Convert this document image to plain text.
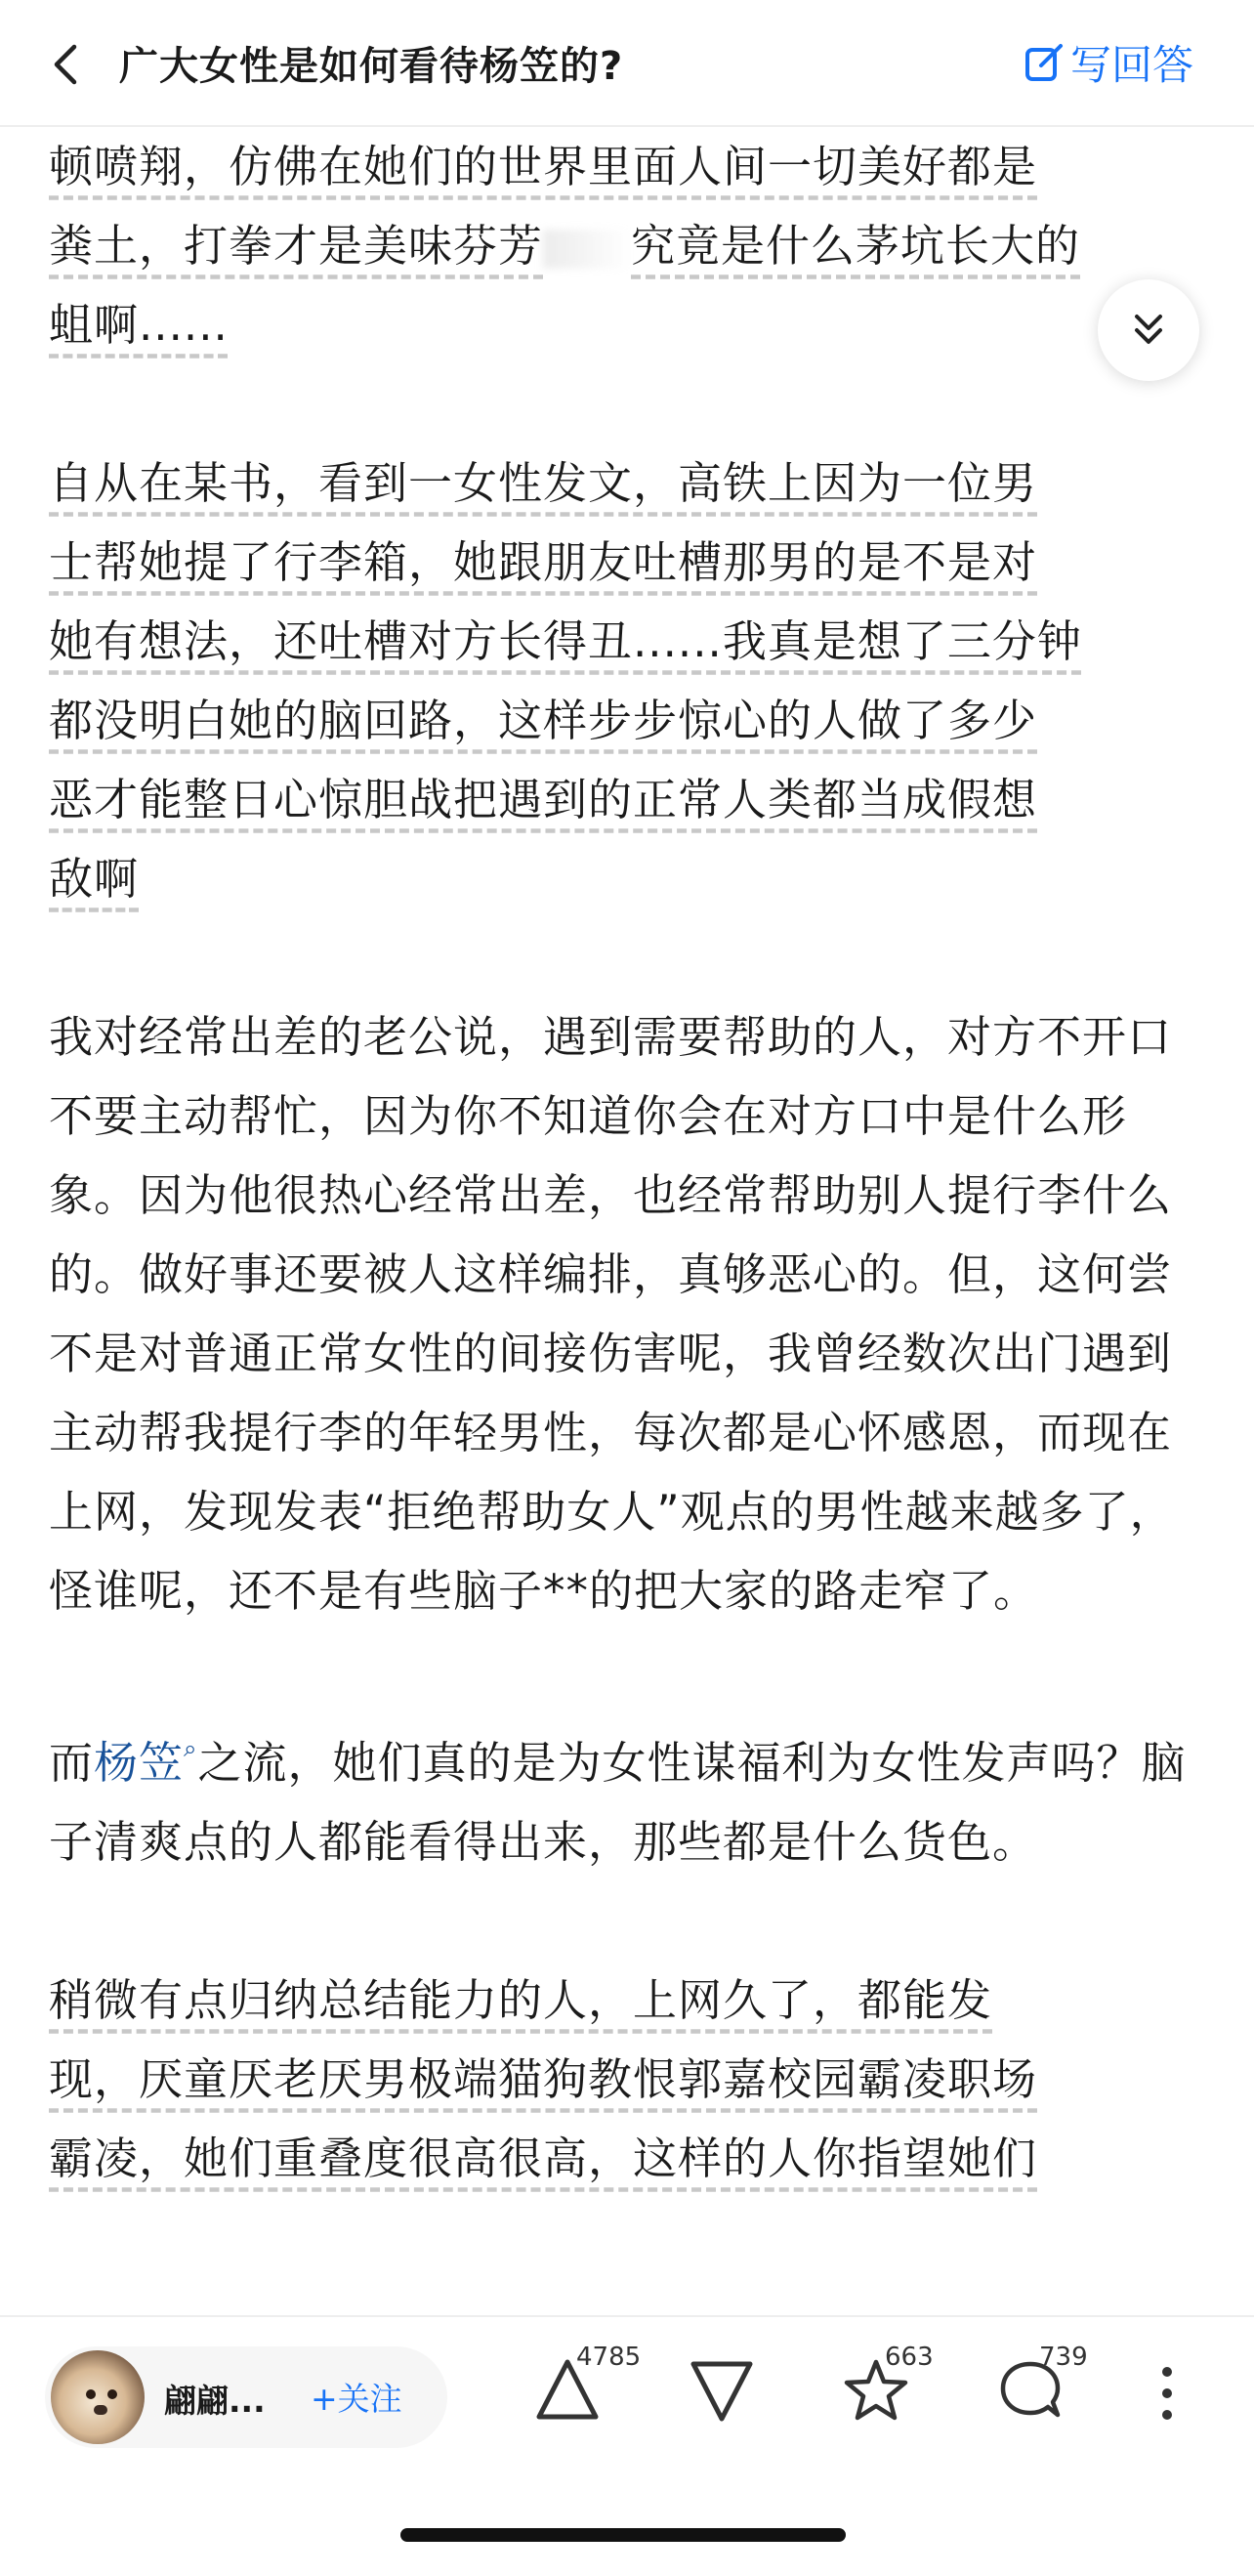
广大女性是如何看待杨笠的?	写回答
顿喷翔，仿佛在她们的世界里面人间一切美好都是
粪土，打拳才是美味芬芳 究竟是什么茅坑长大的
蛆啊......
自从在某书，看到一女性发文，高铁上因为一位男
士帮她提了行李箱，她跟朋友吐槽那男的是不是对
她有想法，还吐槽对方长得丑......我真是想了三分钟
都没明白她的脑回路，这样步步惊心的人做了多少
恶才能整日心惊胆战把遇到的正常人类都当成假想
敌啊
我对经常出差的老公说，遇到需要帮助的人，对方不开口不要主动帮忙，因为你不知道你会在对方口中是什么形象。因为他很热心经常出差，也经常帮助别人提行李什么的。做好事还要被人这样编排，真够恶心的。但，这何尝不是对普通正常女性的间接伤害呢，我曾经数次出门遇到主动帮我提行李的年轻男性，每次都是心怀感恩，而现在上网，发现发表“拒绝帮助女人”观点的男性越来越多了，怪谁呢，还不是有些脑子**的把大家的路走窄了。
而杨笠⌕之流，她们真的是为女性谋福利为女性发声吗？脑子清爽点的人都能看得出来，那些都是什么货色。
稍微有点归纳总结能力的人，上网久了，都能发
现，厌童厌老厌男极端猫狗教恨郭嘉校园霸凌职场
霸凌，她们重叠度很高很高，这样的人你指望她们
翩翩... +关注
4785	663	739
